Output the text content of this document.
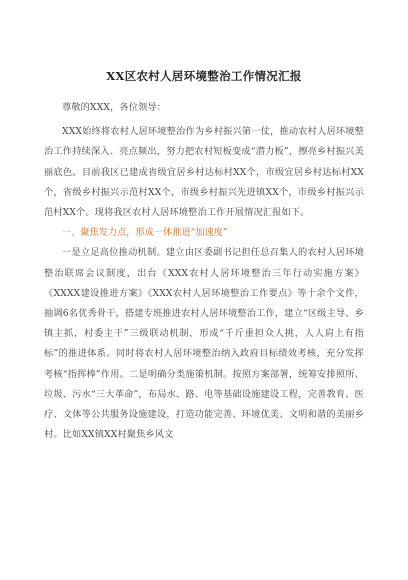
XX区农村人居环境整治工作情况汇报

尊敬的XXX，各位领导：

XXX始终将农村人居环境整治作为乡村振兴第一仗，推动农村人居环境整治工作持续深入、亮点频出，努力把农村短板变成“潜力板”，擦亮乡村振兴美丽底色。目前我区已建成省级宜居乡村达标村XX个，市级宜居乡村达标村XX个，省级乡村振兴示范村XX个，市级乡村振兴先进镇XX个，市级乡村振兴示范村XX个。现将我区农村人居环境整治工作开展情况汇报如下。

一、聚焦发力点，形成一体推进“加速度”

一是立足高位推动机制。建立由区委副书记担任总召集人的农村人居环境整治联席会议制度，出台《XXX农村人居环境整治三年行动实施方案》《XXXX建设推进方案》《XXX农村人居环境整治工作要点》等十余个文件，抽调6名优秀骨干，搭建专班推进农村人居环境整治工作，建立“区级主导、乡镇主抓，村委主干”三级联动机制，形成“千斤重担众人挑，人人肩上有指标”的推进体系。同时将农村人居环境整治纳入政府目标绩效考核，充分发挥考核“指挥棒”作用。二是明确分类施策机制。按照方案部署，统筹安排照所、垃圾、污水“三大革命”，布局水、路、电等基础设施建设工程，完善教育、医疗、文体等公共服务设施建设，打造功能完善、环境优美、文明和谐的美丽乡村。比如XX镇XX村聚焦乡风文
